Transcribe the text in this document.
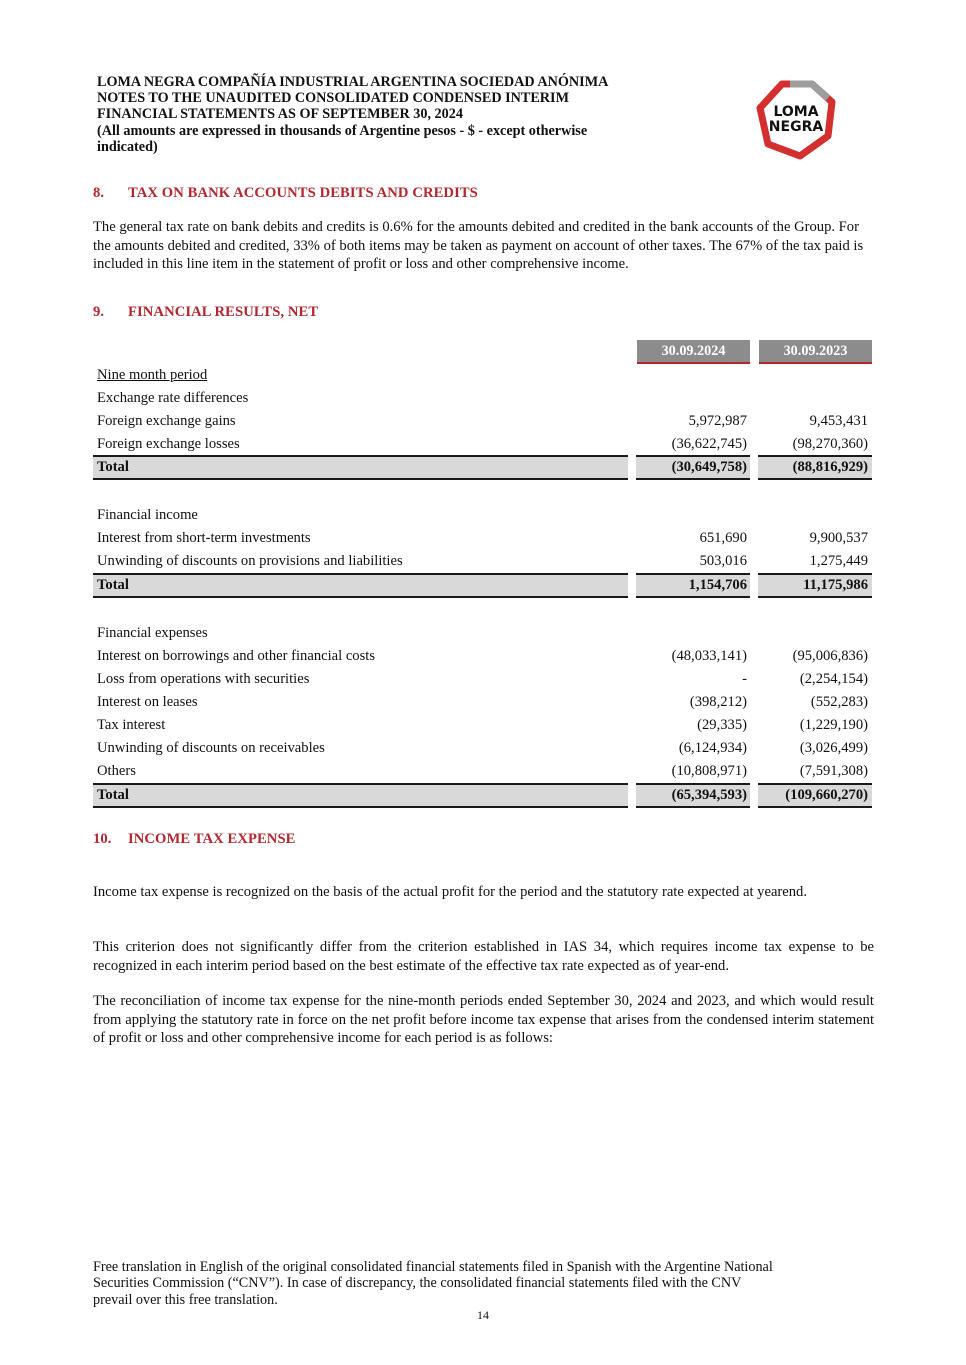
LOMA NEGRA COMPAÑÍA INDUSTRIAL ARGENTINA SOCIEDAD ANÓNIMA
NOTES TO THE UNAUDITED CONSOLIDATED CONDENSED INTERIM
FINANCIAL STATEMENTS AS OF SEPTEMBER 30, 2024
(All amounts are expressed in thousands of Argentine pesos - $ - except otherwise
indicated)
LOMA
NEGRA
8. TAX ON BANK ACCOUNTS DEBITS AND CREDITS
The general tax rate on bank debits and credits is 0.6% for the amounts debited and credited in the bank accounts of the Group. For the amounts debited and credited, 33% of both items may be taken as payment on account of other taxes. The 67% of the tax paid is included in this line item in the statement of profit or loss and other comprehensive income.
9. FINANCIAL RESULTS, NET
30.09.2024	30.09.2023
Nine month period
Exchange rate differences
Foreign exchange gains	5,972,987	9,453,431
Foreign exchange losses	(36,622,745)	(98,270,360)
Total	(30,649,758)	(88,816,929)
Financial income
Interest from short-term investments	651,690	9,900,537
Unwinding of discounts on provisions and liabilities	503,016	1,275,449
Total	1,154,706	11,175,986
Financial expenses
Interest on borrowings and other financial costs	(48,033,141)	(95,006,836)
Loss from operations with securities	-	(2,254,154)
Interest on leases	(398,212)	(552,283)
Tax interest	(29,335)	(1,229,190)
Unwinding of discounts on receivables	(6,124,934)	(3,026,499)
Others	(10,808,971)	(7,591,308)
Total	(65,394,593)	(109,660,270)
10. INCOME TAX EXPENSE
Income tax expense is recognized on the basis of the actual profit for the period and the statutory rate expected at yearend.
This criterion does not significantly differ from the criterion established in IAS 34, which requires income tax expense to be recognized in each interim period based on the best estimate of the effective tax rate expected as of year-end.
The reconciliation of income tax expense for the nine-month periods ended September 30, 2024 and 2023, and which would result from applying the statutory rate in force on the net profit before income tax expense that arises from the condensed interim statement of profit or loss and other comprehensive income for each period is as follows:
Free translation in English of the original consolidated financial statements filed in Spanish with the Argentine National
Securities Commission (“CNV”). In case of discrepancy, the consolidated financial statements filed with the CNV
prevail over this free translation.
14
